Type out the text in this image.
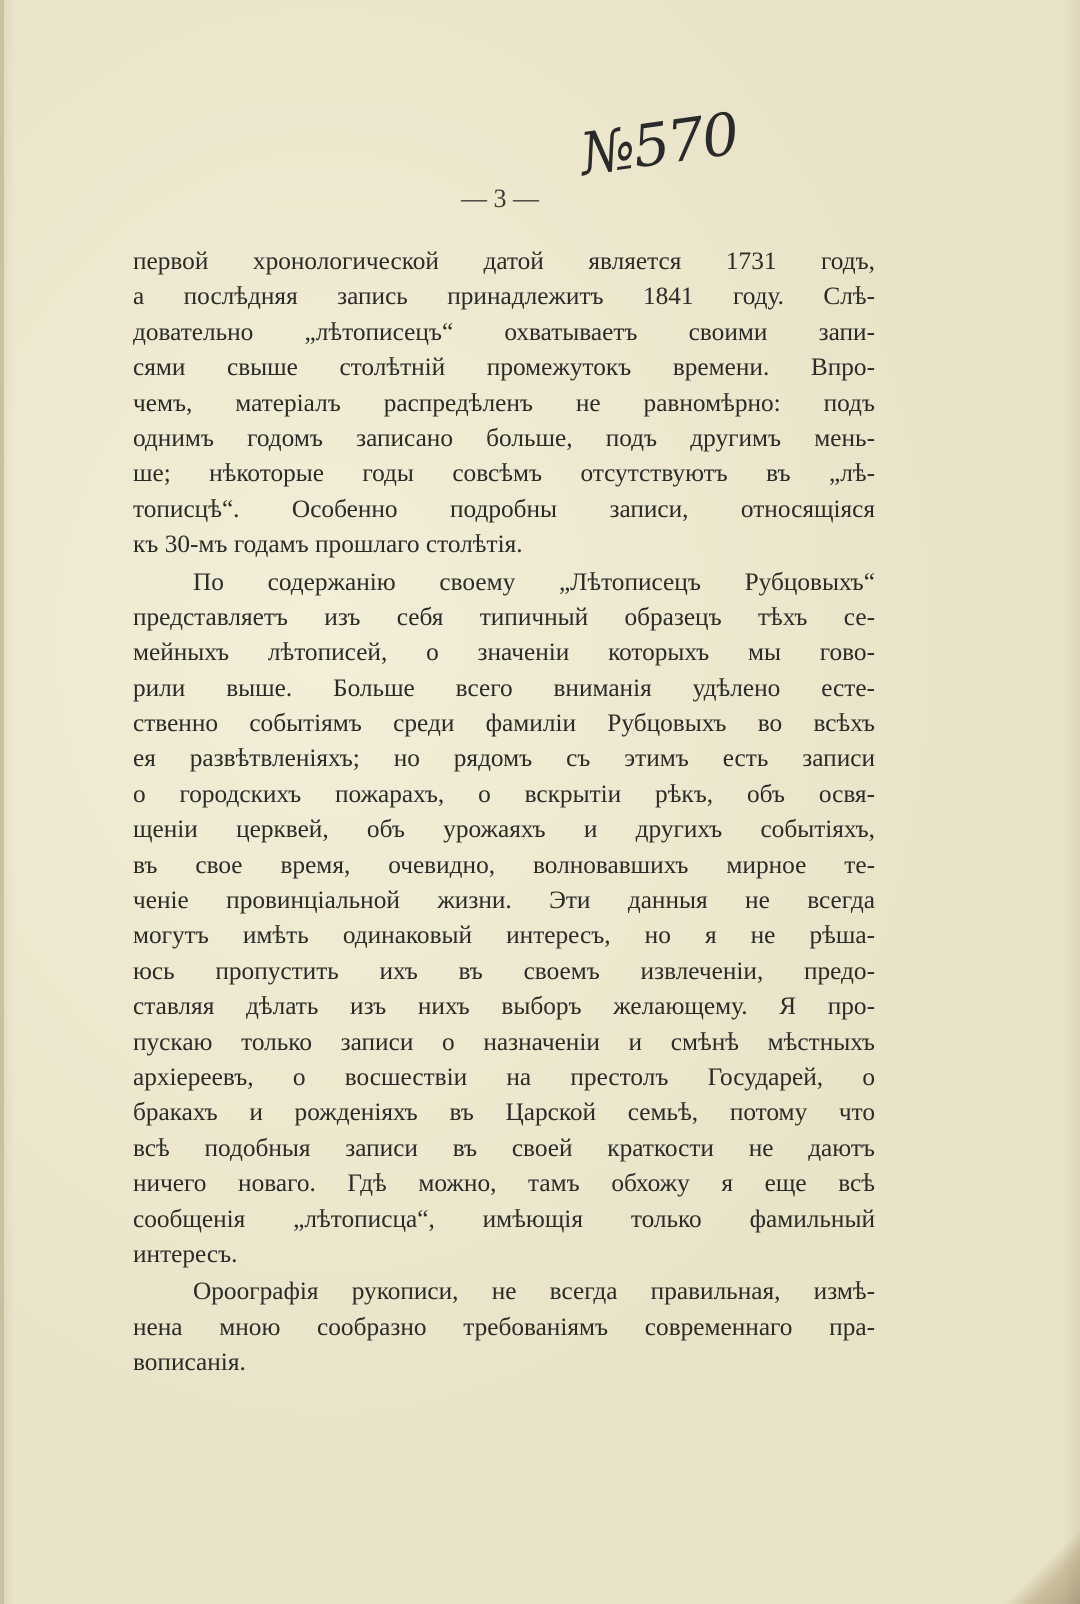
№570
— 3 —
первой хронологической датой является 1731 годъ,
а послѣдняя запись принадлежитъ 1841 году. Слѣ-
довательно „лѣтописецъ“ охватываетъ своими запи-
сями свыше столѣтній промежутокъ времени. Впро-
чемъ, матеріалъ распредѣленъ не равномѣрно: подъ
однимъ годомъ записано больше, подъ другимъ мень-
ше; нѣкоторые годы совсѣмъ отсутствуютъ въ „лѣ-
тописцѣ“. Особенно подробны записи, относящіяся
къ 30-мъ годамъ прошлаго столѣтія.
По содержанію своему „Лѣтописецъ Рубцовыхъ“
представляетъ изъ себя типичный образецъ тѣхъ се-
мейныхъ лѣтописей, о значеніи которыхъ мы гово-
рили выше. Больше всего вниманія удѣлено есте-
ственно событіямъ среди фамиліи Рубцовыхъ во всѣхъ
ея развѣтвленіяхъ; но рядомъ съ этимъ есть записи
о городскихъ пожарахъ, о вскрытіи рѣкъ, объ освя-
щеніи церквей, объ урожаяхъ и другихъ событіяхъ,
въ свое время, очевидно, волновавшихъ мирное те-
ченіе провинціальной жизни. Эти данныя не всегда
могутъ имѣть одинаковый интересъ, но я не рѣша-
юсь пропустить ихъ въ своемъ извлеченіи, предо-
ставляя дѣлать изъ нихъ выборъ желающему. Я про-
пускаю только записи о назначеніи и смѣнѣ мѣстныхъ
архіереевъ, о восшествіи на престолъ Государей, о
бракахъ и рожденіяхъ въ Царской семьѣ, потому что
всѣ подобныя записи въ своей краткости не даютъ
ничего новаго. Гдѣ можно, тамъ обхожу я еще всѣ
сообщенія „лѣтописца“, имѣющія только фамильный
интересъ.
Ороографія рукописи, не всегда правильная, измѣ-
нена мною сообразно требованіямъ современнаго пра-
вописанія.
